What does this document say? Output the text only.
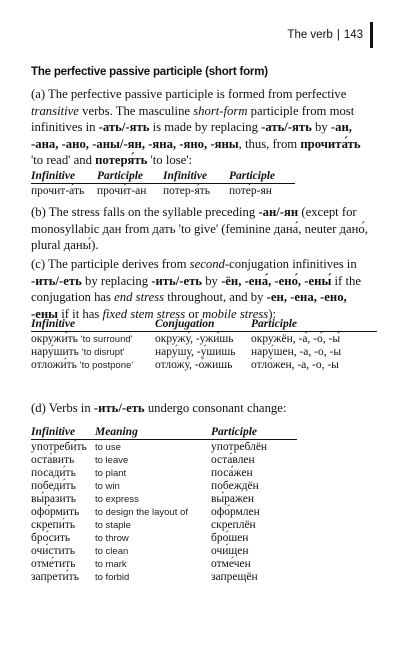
The verb | 143
The perfective passive participle (short form)
(a) The perfective passive participle is formed from perfective transitive verbs. The masculine short-form participle from most infinitives in -ать/-ять is made by replacing -ать/-ять by -ан, -ана, -ано, -аны/-ян, -яна, -яно, -яны, thus, from прочита́ть 'to read' and потеря́ть 'to lose':
Infinitive	Participle	Infinitive	Participle
прочит-а́ть	прочи́т-ан	потер-я́ть	поте́р-ян
(b) The stress falls on the syllable preceding -ан/-ян (except for monosyllabic дан from дать 'to give' (feminine дана́, neuter дано́, plural даны́).
(c) The participle derives from second-conjugation infinitives in -ить/-еть by replacing -ить/-еть by -ён, -ена́, -ено́, -ены́ if the conjugation has end stress throughout, and by -ен, -ена, -ено, -ены if it has fixed stem stress or mobile stress):
Infinitive	Conjugation	Participle
окружи́ть 'to surround'	окружу́, -ужи́шь	окружён, -а́, -о́, -ы́
нару́шить 'to disrupt'	нару́шу, -у́шишь	нару́шен, -а, -о, -ы
отложи́ть 'to postpone'	отложу́, -о́жишь	отло́жен, -а, -о, -ы
(d) Verbs in -ить/-еть undergo consonant change:
Infinitive	Meaning	Participle
употреби́ть	to use	употреблён
оста́вить	to leave	оста́влен
посади́ть	to plant	поса́жен
победи́ть	to win	побеждён
вы́разить	to express	вы́ражен
офо́рмить	to design the layout of	офо́рмлен
скрепи́ть	to staple	скреплён
бро́сить	to throw	бро́шен
очи́стить	to clean	очи́щен
отме́тить	to mark	отме́чен
запрети́ть	to forbid	запрещён
